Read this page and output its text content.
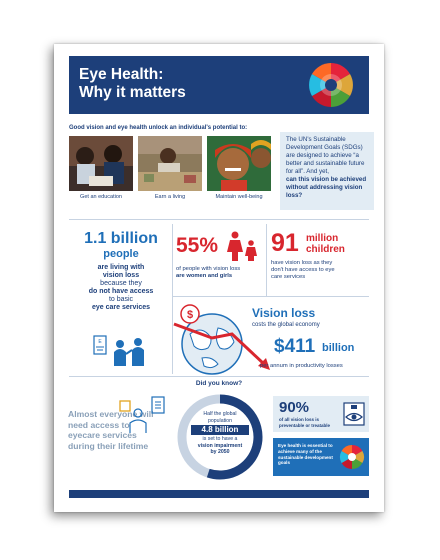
Eye Health:
Why it matters
Good vision and eye health unlock an individual's potential to:
Get an education	Earn a living	Maintain well-being
The UN's Sustainable Development Goals (SDGs) are designed to achieve “a better and sustainable future for all”. And yet,
can this vision be achieved without addressing vision loss?
1.1 billion
people
are living with
vision loss
because they
do not have access
to basic
eye care services
E
55%
of people with vision loss
are women and girls
91 million
children
have vision loss as they
don't have access to eye
care services
$	Vision loss
costs the global economy
$411 billion
per annum in productivity losses
Did you know?
Almost everyone will need access to eyecare services during their lifetime
Half the global
population
4.8 billion
is set to have a
vision impairment
by 2050
90%
of all vision loss is preventable or treatable
Eye health is essential to achieve many of the sustainable development goals
